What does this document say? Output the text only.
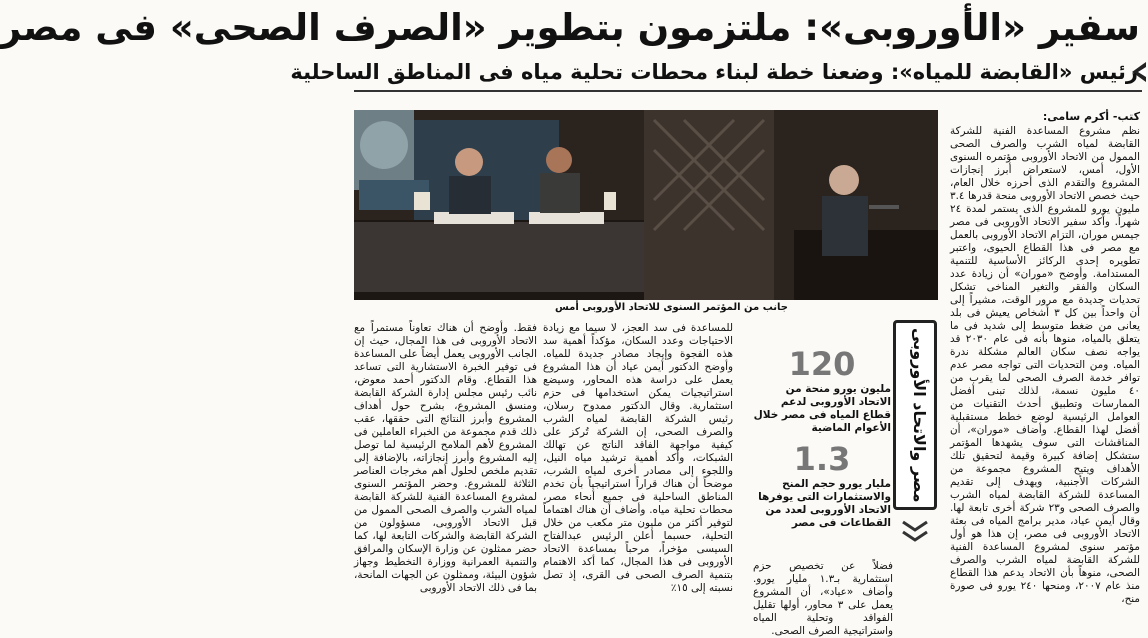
سفير «الأوروبى»: ملتزمون بتطوير «الصرف الصحى» فى مصر
رئيس «القابضة للمياه»: وضعنا خطة لبناء محطات تحلية مياه فى المناطق الساحلية
جانب من المؤتمر السنوى للاتحاد الأوروبى أمس
كتب- أكرم سامى:
نظم مشروع المساعدة الفنية للشركة القابضة لمياه الشرب والصرف الصحى الممول من الاتحاد الأوروبى مؤتمره السنوى الأول، أمس، لاستعراض أبرز إنجازات المشروع والتقدم الذى أحرزه خلال العام، حيث خصص الاتحاد الأوروبى منحة قدرها ٣.٤ مليون يورو للمشروع الذى يستمر لمدة ٢٤ شهراً. وأكد سفير الاتحاد الأوروبى فى مصر جيمس موران، التزام الاتحاد الأوروبى بالعمل مع مصر فى هذا القطاع الحيوى، واعتبر تطويره إحدى الركائز الأساسية للتنمية المستدامة. وأوضح «موران» أن زيادة عدد السكان والفقر والتغير المناخى تشكل تحديات جديدة مع مرور الوقت، مشيراً إلى أن واحداً بين كل ٣ أشخاص يعيش فى بلد يعانى من ضغط متوسط إلى شديد فى ما يتعلق بالمياه، منوها بأنه فى عام ٢٠٣٠ قد يواجه نصف سكان العالم مشكلة ندرة المياه. ومن التحديات التى تواجه مصر عدم توافر خدمة الصرف الصحى لما يقرب من ٤٠ مليون نسمة، لذلك تبنى أفضل الممارسات وتطبيق أحدث التقنيات من العوامل الرئيسية لوضع خطط مستقبلية أفضل لهذا القطاع. وأضاف «موران»، أن المناقشات التى سوف يشهدها المؤتمر ستشكل إضافة كبيرة وقيمة لتحقيق تلك الأهداف ويتيح المشروع مجموعة من الشركات الأجنبية، ويهدف إلى تقديم المساعدة للشركة القابضة لمياه الشرب والصرف الصحى و٢٣ شركة أخرى تابعة لها. وقال أيمن عياد، مدير برامج المياه فى بعثة الاتحاد الأوروبى فى مصر، إن هذا هو أول مؤتمر سنوى لمشروع المساعدة الفنية للشركة القابضة لمياه الشرب والصرف الصحى، منوهاً بأن الاتحاد يدعم هذا القطاع منذ عام ٢٠٠٧، ومنحها ٢٤٠ يورو فى صورة منح،
للمساعدة فى سد العجز، لا سيما مع زيادة الاحتياجات وعدد السكان، مؤكداً أهمية سد هذه الفجوة وإيجاد مصادر جديدة للمياه. وأوضح الدكتور أيمن عياد أن هذا المشروع يعمل على دراسة هذه المحاور، وسيضع استراتيجيات يمكن استخدامها فى حزم استثمارية. وقال الدكتور ممدوح رسلان، رئيس الشركة القابضة لمياه الشرب والصرف الصحى، إن الشركة تُركز على كيفية مواجهة الفاقد الناتج عن تهالك الشبكات، وأكد أهمية ترشيد مياه النيل، واللجوء إلى مصادر أخرى لمياه الشرب، موضحاً أن هناك قراراً استراتيجياً بأن تخدم المناطق الساحلية فى جميع أنحاء مصر، محطات تحلية مياه. وأضاف أن هناك اهتماماً لتوفير أكثر من مليون متر مكعب من خلال التحلية، حسبما أعلن الرئيس عبدالفتاح السيسى مؤخراً، مرحباً بمساعدة الاتحاد الأوروبى فى هذا المجال، كما أكد الاهتمام بتنمية الصرف الصحى فى القرى، إذ تصل نسبته إلى ١٥٪
فضلاً عن تخصيص حزم استثمارية بـ١.٣ مليار يورو. وأضاف «عياد»، أن المشروع يعمل على ٣ محاور، أولها تقليل الفواقد وتحلية المياه واستراتيجية الصرف الصحى.
فقط. وأوضح أن هناك تعاوناً مستمراً مع الاتحاد الأوروبى فى هذا المجال، حيث إن الجانب الأوروبى يعمل أيضاً على المساعدة فى توفير الخبرة الاستشارية التى تساعد هذا القطاع. وقام الدكتور أحمد معوض، نائب رئيس مجلس إدارة الشركة القابضة ومنسق المشروع، بشرح حول أهداف المشروع وأبرز النتائج التى حققها، عقب ذلك قدم مجموعة من الخبراء العاملين فى المشروع لأهم الملامح الرئيسية لما توصل إليه المشروع وأبرز إنجازاته، بالإضافة إلى تقديم ملخص لحلول أهم مخرجات العناصر الثلاثة للمشروع. وحضر المؤتمر السنوى لمشروع المساعدة الفنية للشركة القابضة لمياه الشرب والصرف الصحى الممول من قبل الاتحاد الأوروبى، مسؤولون من الشركة القابضة والشركات التابعة لها، كما حضر ممثلون عن وزارة الإسكان والمرافق والتنمية العمرانية ووزارة التخطيط وجهاز شؤون البيئة، وممثلون عن الجهات المانحة، بما فى ذلك الاتحاد الأوروبى
مصر والاتحاد الأوروبى
120
مليون يورو منحة من الاتحاد الأوروبى لدعم قطاع المياه فى مصر خلال الأعوام الماضية
1.3
مليار يورو حجم المنح والاستثمارات التى يوفرها الاتحاد الأوروبى لعدد من القطاعات فى مصر
